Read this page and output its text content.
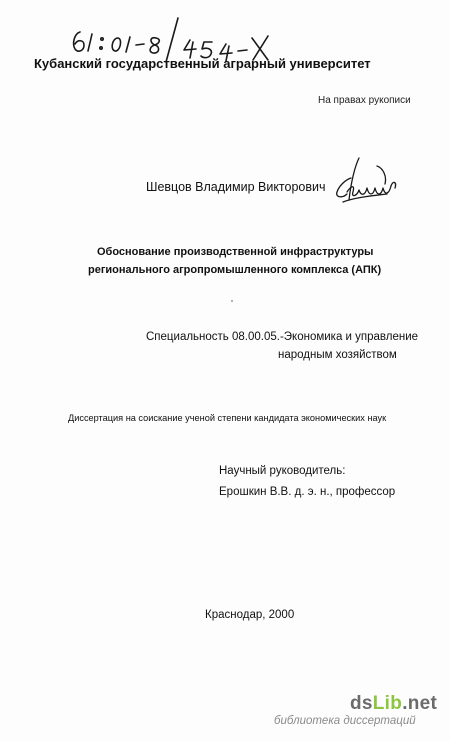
Кубанский государственный аграрный университет
На правах рукописи
Шевцов Владимир Викторович
Обоснование производственной инфраструктуры
регионального агропромышленного комплекса (АПК)
Специальность 08.00.05.-Экономика и управление
народным хозяйством
Диссертация на соискание ученой степени кандидата экономических наук
Научный руководитель:
Ерошкин В.В. д. э. н., профессор
Краснодар, 2000
dsLib.net
библиотека диссертаций
